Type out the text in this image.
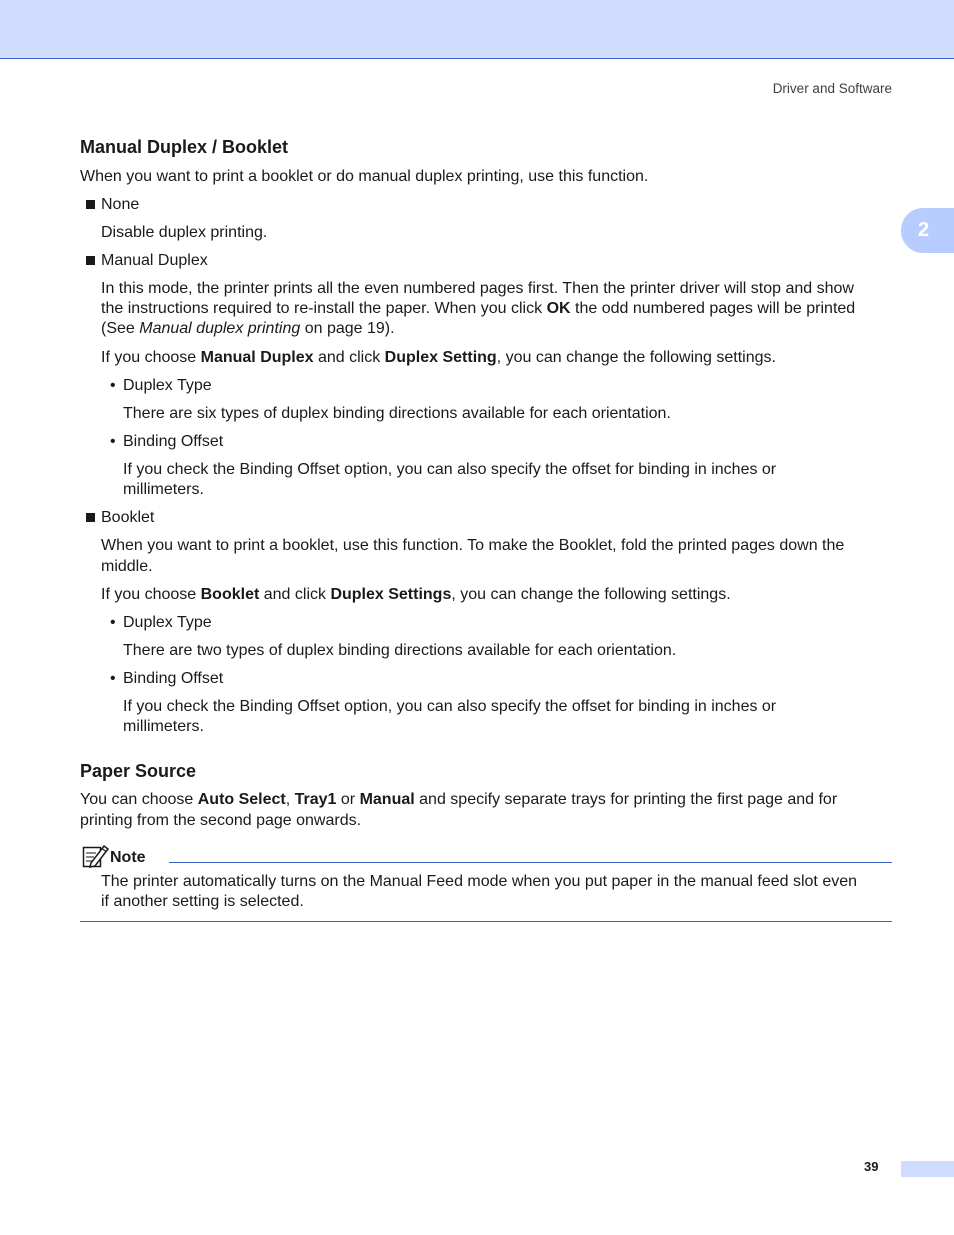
Driver and Software
2
Manual Duplex / Booklet

When you want to print a booklet or do manual duplex printing, use this function.

None

Disable duplex printing.

Manual Duplex

In this mode, the printer prints all the even numbered pages first. Then the printer driver will stop and show

the instructions required to re-install the paper. When you click OK the odd numbered pages will be printed

(See Manual duplex printing on page 19).

If you choose Manual Duplex and click Duplex Setting, you can change the following settings.

• Duplex Type

There are six types of duplex binding directions available for each orientation.

• Binding Offset

If you check the Binding Offset option, you can also specify the offset for binding in inches or

millimeters.

Booklet

When you want to print a booklet, use this function. To make the Booklet, fold the printed pages down the

middle.

If you choose Booklet and click Duplex Settings, you can change the following settings.

• Duplex Type

There are two types of duplex binding directions available for each orientation.

• Binding Offset

If you check the Binding Offset option, you can also specify the offset for binding in inches or

millimeters.

Paper Source

You can choose Auto Select, Tray1 or Manual and specify separate trays for printing the first page and for

printing from the second page onwards.

Note

The printer automatically turns on the Manual Feed mode when you put paper in the manual feed slot even

if another setting is selected.

39
